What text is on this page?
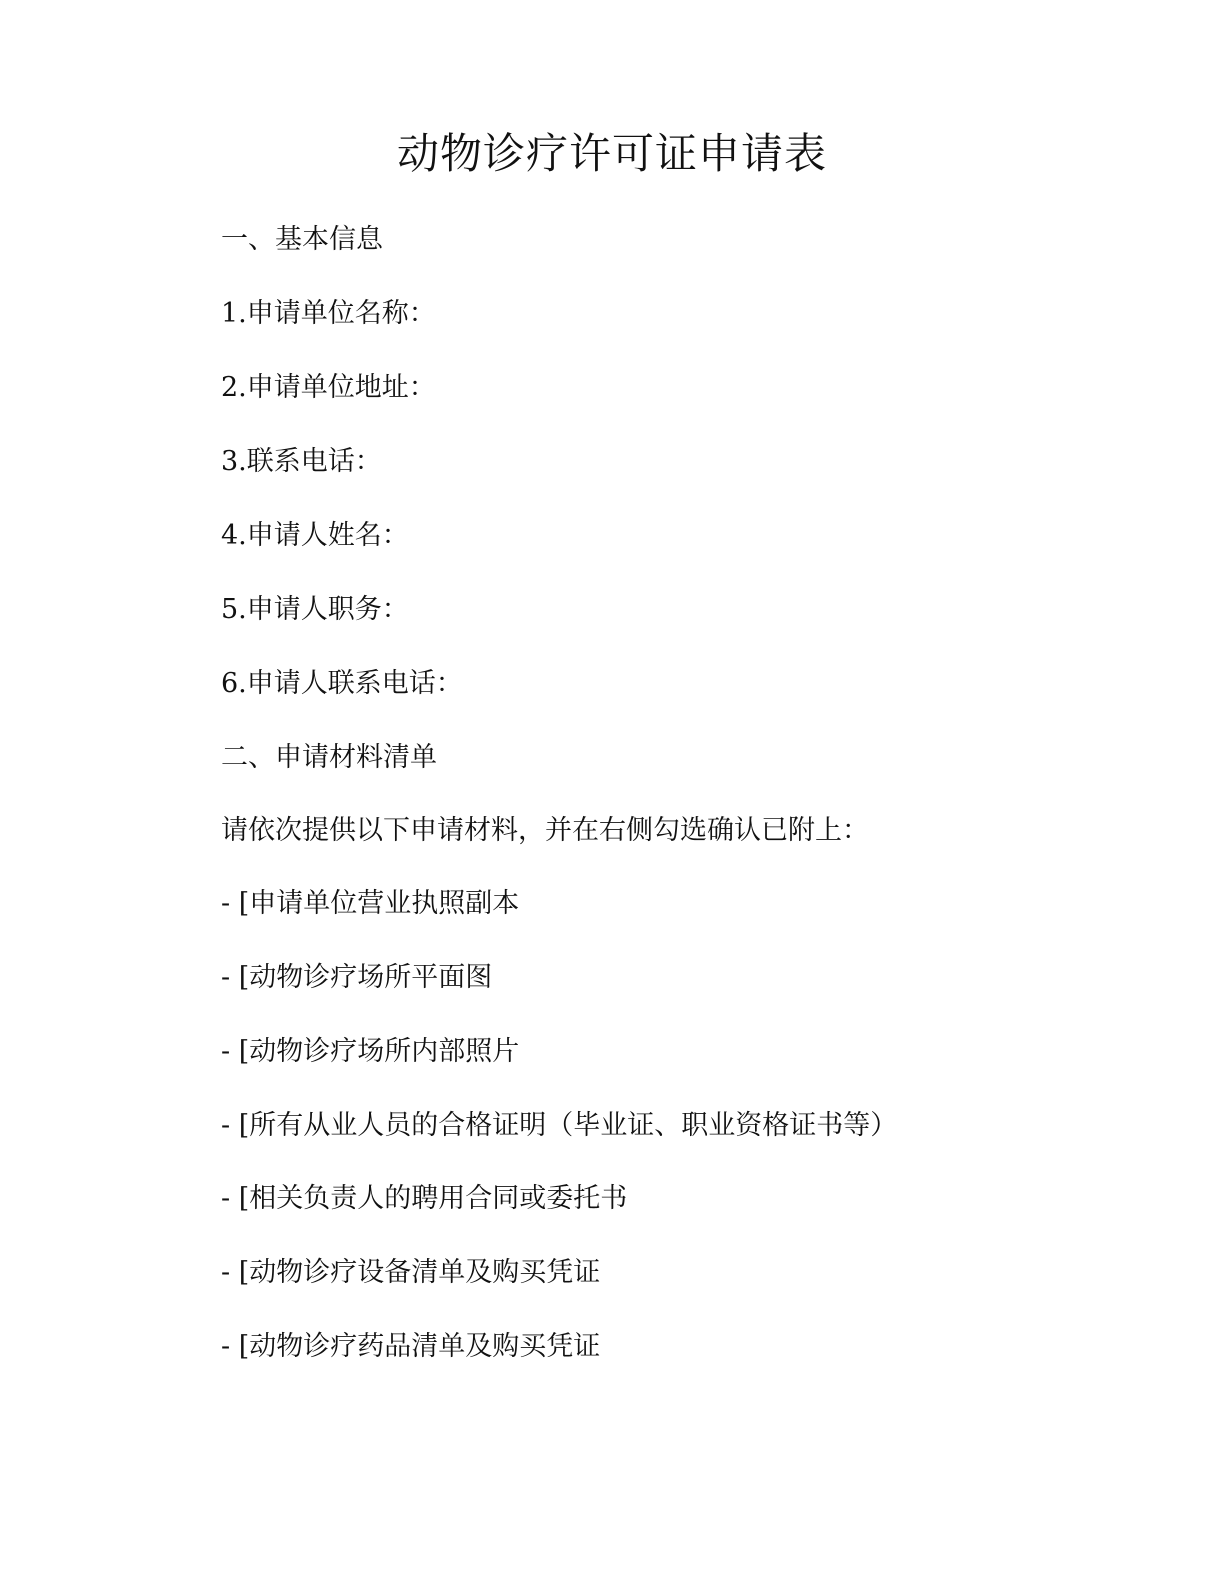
动物诊疗许可证申请表
一、基本信息
1.申请单位名称：
2.申请单位地址：
3.联系电话：
4.申请人姓名：
5.申请人职务：
6.申请人联系电话：
二、申请材料清单
请依次提供以下申请材料，并在右侧勾选确认已附上：
- [申请单位营业执照副本
- [动物诊疗场所平面图
- [动物诊疗场所内部照片
- [所有从业人员的合格证明（毕业证、职业资格证书等）
- [相关负责人的聘用合同或委托书
- [动物诊疗设备清单及购买凭证
- [动物诊疗药品清单及购买凭证
